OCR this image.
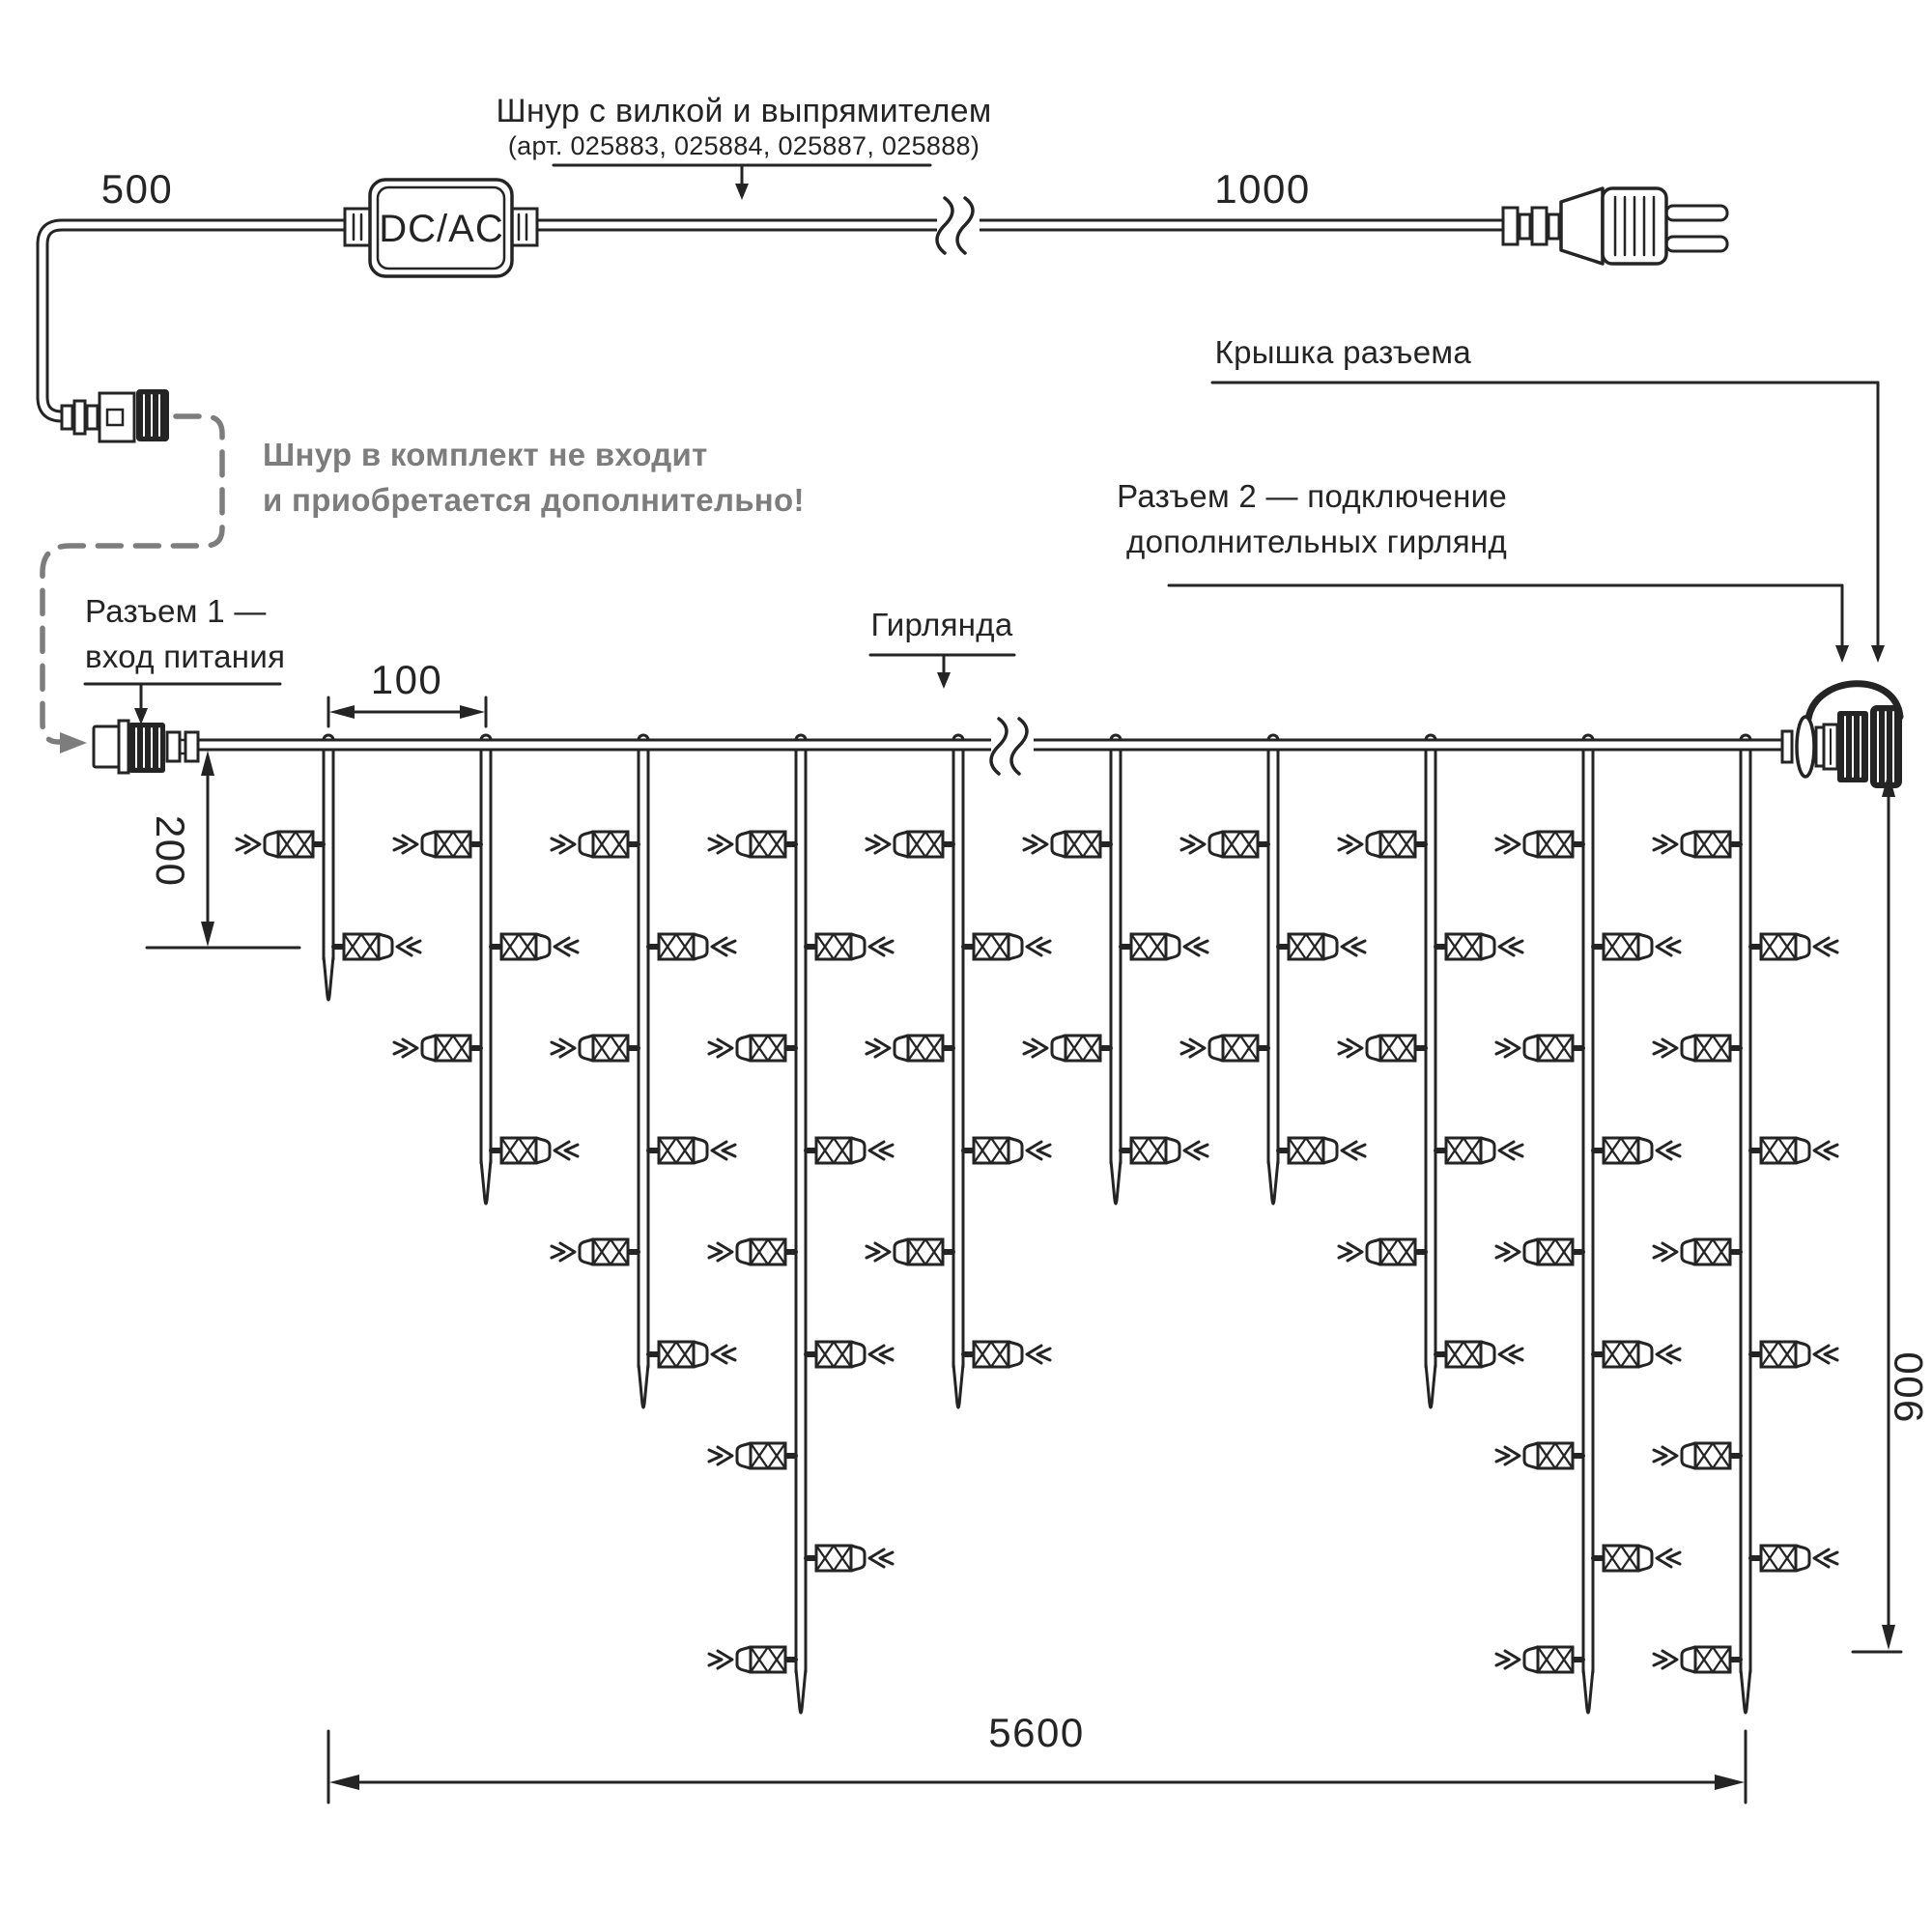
Шнур с вилкой и выпрямителем
(арт. 025883, 025884, 025887, 025888)
500	1000
DC/AC
Шнур в комплект не входит
и приобретается дополнительно!
Разъем 1 —
вход питания
Гирлянда
Крышка разъема
Разъем 2 — подключение
дополнительных гирлянд
100
200
5600
900
